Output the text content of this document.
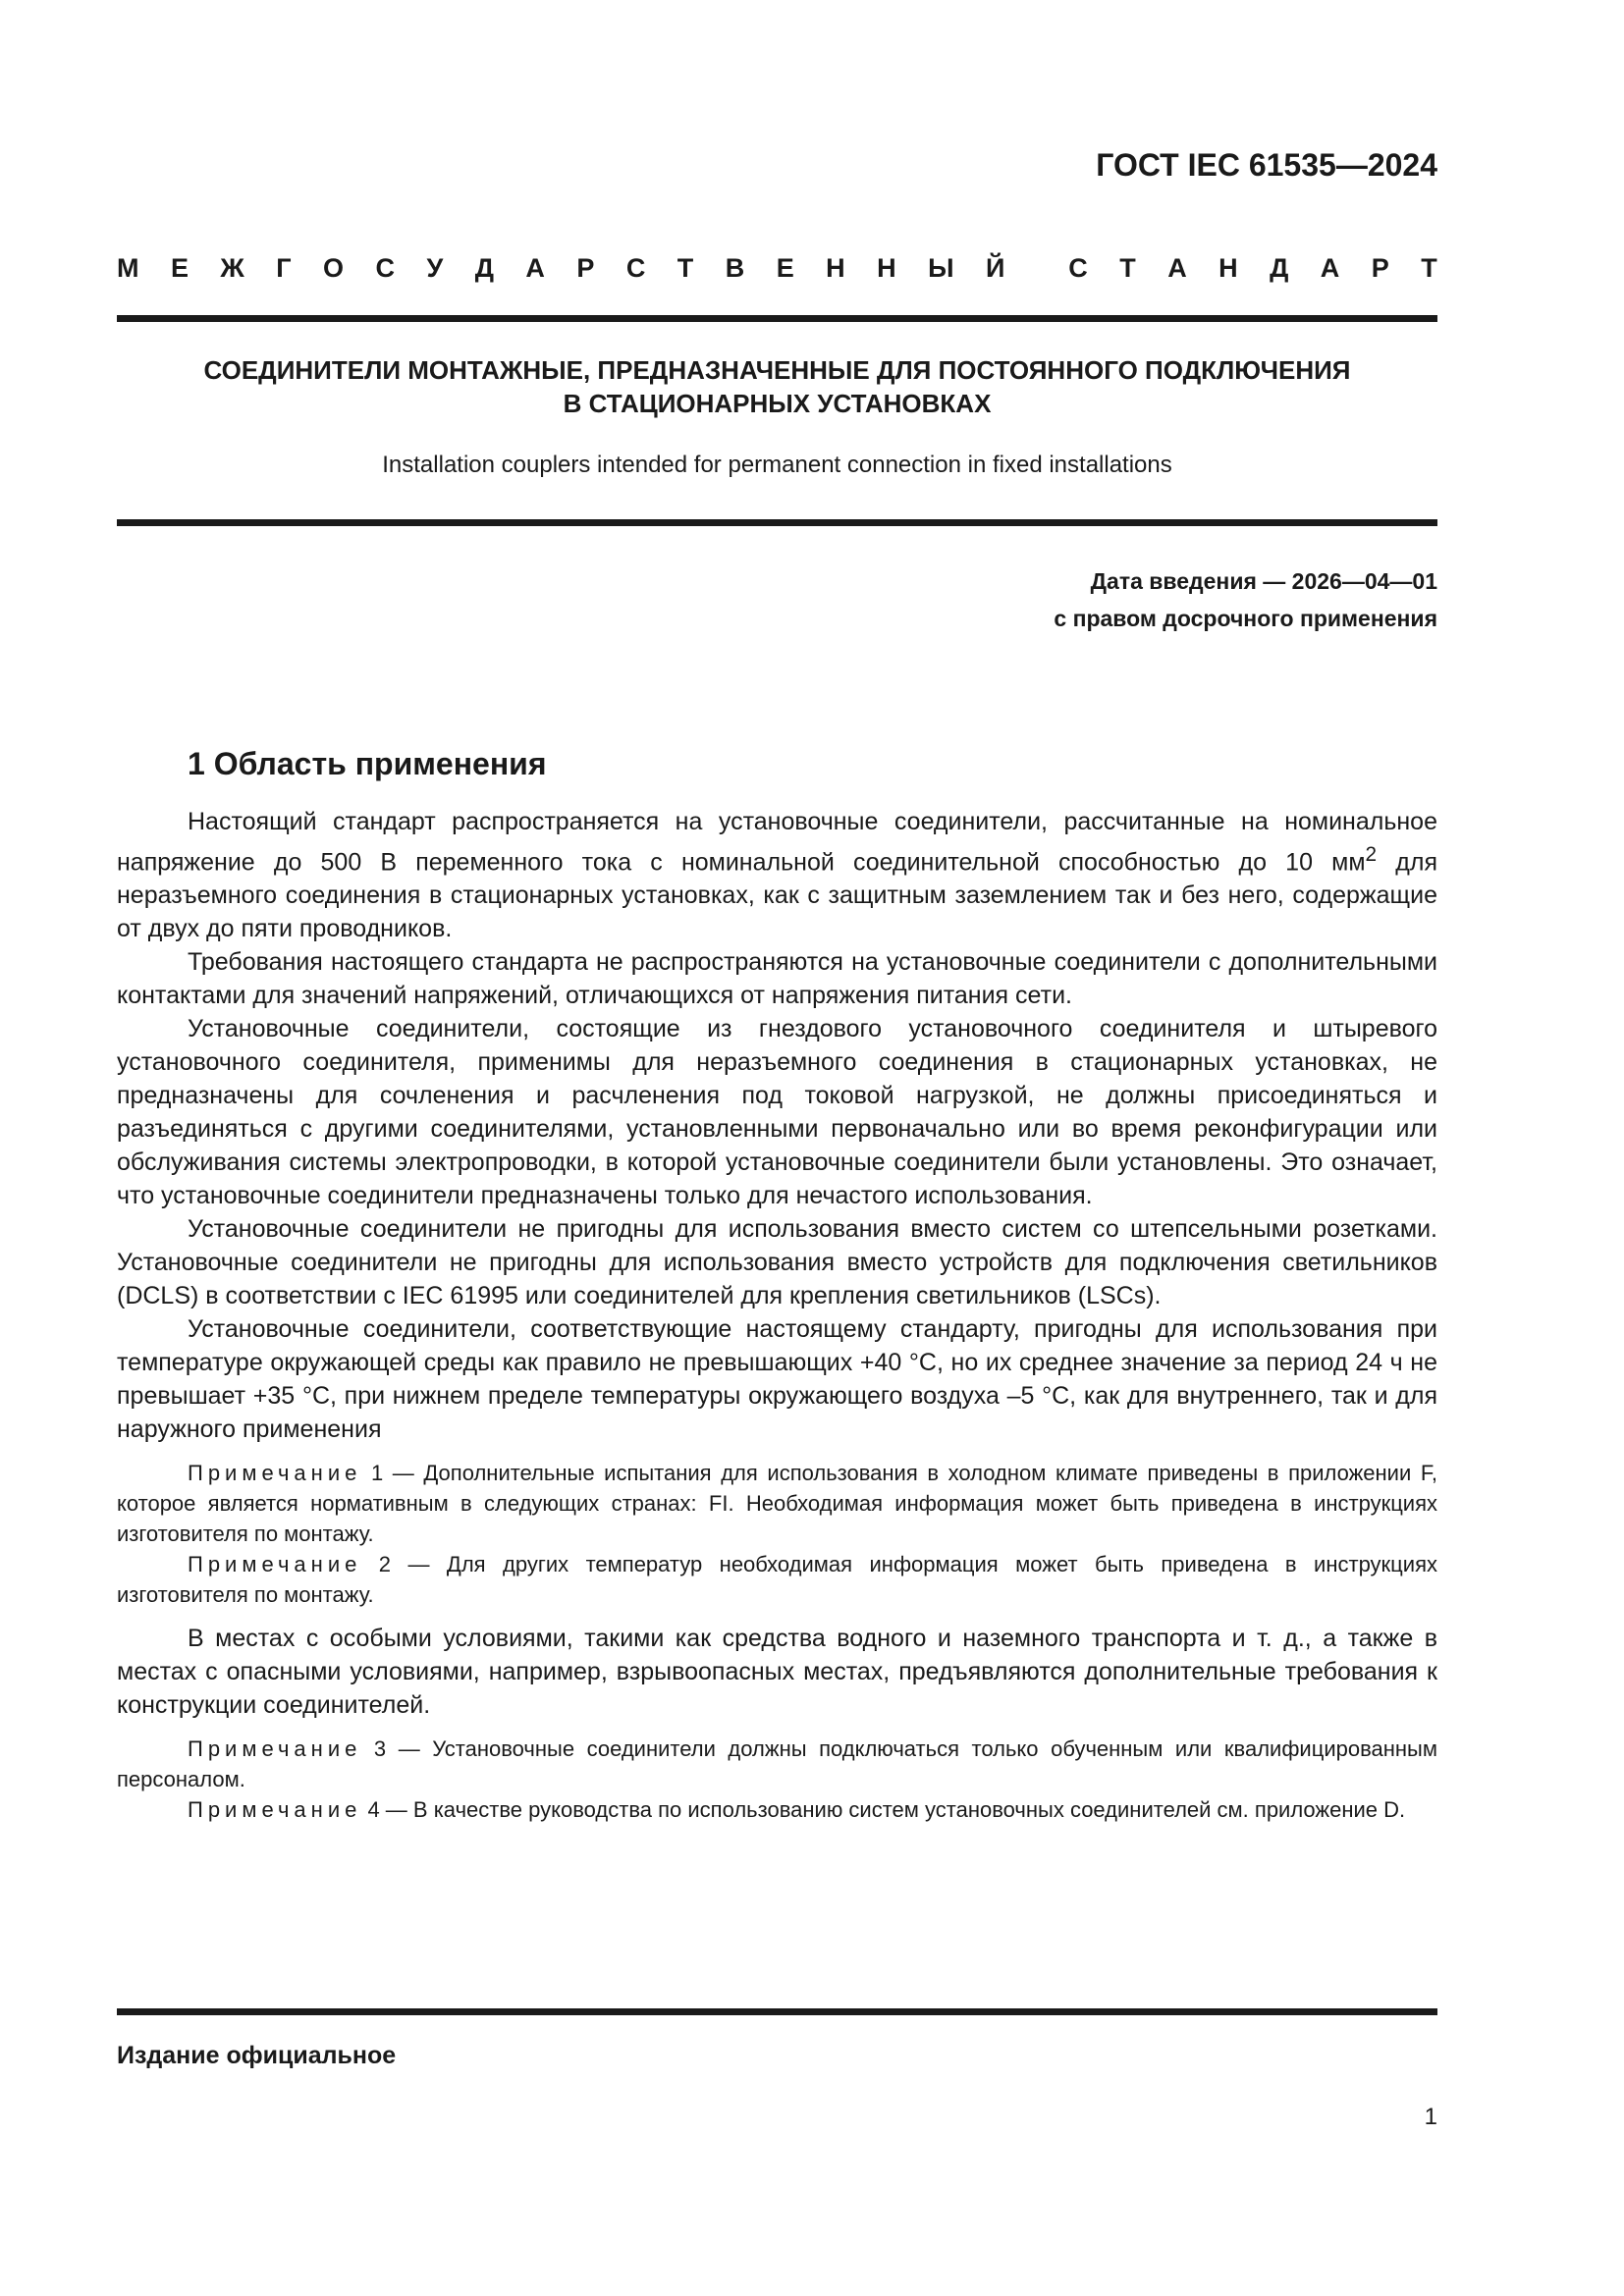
ГОСТ IEC 61535—2024
М Е Ж Г О С У Д А Р С Т В Е Н Н Ы Й С Т А Н Д А Р Т
СОЕДИНИТЕЛИ МОНТАЖНЫЕ, ПРЕДНАЗНАЧЕННЫЕ ДЛЯ ПОСТОЯННОГО ПОДКЛЮЧЕНИЯ
В СТАЦИОНАРНЫХ УСТАНОВКАХ
Installation couplers intended for permanent connection in fixed installations
Дата введения — 2026—04—01
с правом досрочного применения
1 Область применения

Настоящий стандарт распространяется на установочные соединители, рассчитанные на номинальное напряжение до 500 В переменного тока с номинальной соединительной способностью до 10 $мм^2$ для неразъемного соединения в стационарных установках, как с защитным заземлением так и без него, содержащие от двух до пяти проводников.

Требования настоящего стандарта не распространяются на установочные соединители с дополнительными контактами для значений напряжений, отличающихся от напряжения питания сети.

Установочные соединители, состоящие из гнездового установочного соединителя и штыревого установочного соединителя, применимы для неразъемного соединения в стационарных установках, не предназначены для сочленения и расчленения под токовой нагрузкой, не должны присоединяться и разъединяться с другими соединителями, установленными первоначально или во время реконфигурации или обслуживания системы электропроводки, в которой установочные соединители были установлены. Это означает, что установочные соединители предназначены только для нечастого использования.

Установочные соединители не пригодны для использования вместо систем со штепсельными розетками. Установочные соединители не пригодны для использования вместо устройств для подключения светильников (DCLS) в соответствии с IEC 61995 или соединителей для крепления светильников (LSCs).

Установочные соединители, соответствующие настоящему стандарту, пригодны для использования при температуре окружающей среды как правило не превышающих +40 °С, но их среднее значение за период 24 ч не превышает +35 °С, при нижнем пределе температуры окружающего воздуха –5 °С, как для внутреннего, так и для наружного применения

Примечание 1 — Дополнительные испытания для использования в холодном климате приведены в приложении F, которое является нормативным в следующих странах: FI. Необходимая информация может быть приведена в инструкциях изготовителя по монтажу.

Примечание 2 — Для других температур необходимая информация может быть приведена в инструкциях изготовителя по монтажу.

В местах с особыми условиями, такими как средства водного и наземного транспорта и т. д., а также в местах с опасными условиями, например, взрывоопасных местах, предъявляются дополнительные требования к конструкции соединителей.

Примечание 3 — Установочные соединители должны подключаться только обученным или квалифицированным персоналом.

Примечание 4 — В качестве руководства по использованию систем установочных соединителей см. приложение D.

Издание официальное
1
